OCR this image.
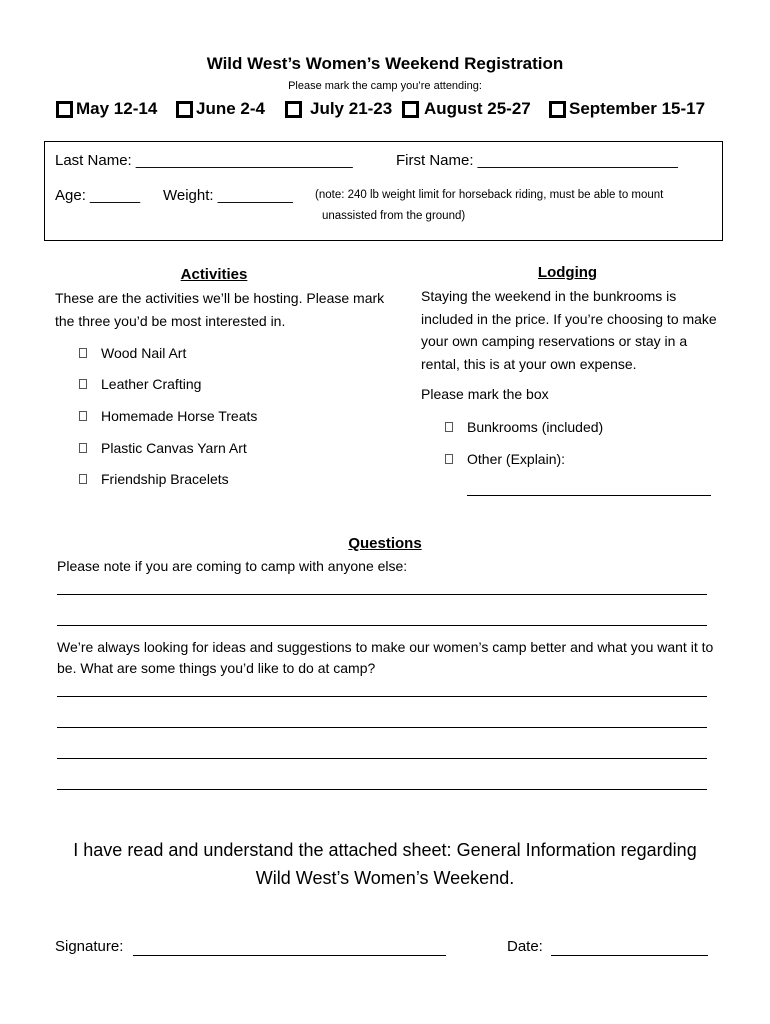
Wild West’s Women’s Weekend Registration
Please mark the camp you’re attending:
May 12-14 June 2-4	July 21-23 August 25-27 September 15-17
Last Name: __________________________	First Name: ________________________
Age: ______ Weight: _________ (note: 240 lb weight limit for horseback riding, must be able to mount
unassisted from the ground)
Activities
These are the activities we’ll be hosting. Please mark the three you’d be most interested in.
Wood Nail Art
Leather Crafting
Homemade Horse Treats
Plastic Canvas Yarn Art
Friendship Bracelets
Lodging
Staying the weekend in the bunkrooms is included in the price. If you’re choosing to make your own camping reservations or stay in a rental, this is at your own expense.
Please mark the box
Bunkrooms (included)
Other (Explain):
Questions
Please note if you are coming to camp with anyone else:
We’re always looking for ideas and suggestions to make our women’s camp better and what you want it to be. What are some things you’d like to do at camp?
I have read and understand the attached sheet: General Information regarding Wild West’s Women’s Weekend.
Signature:	Date:
